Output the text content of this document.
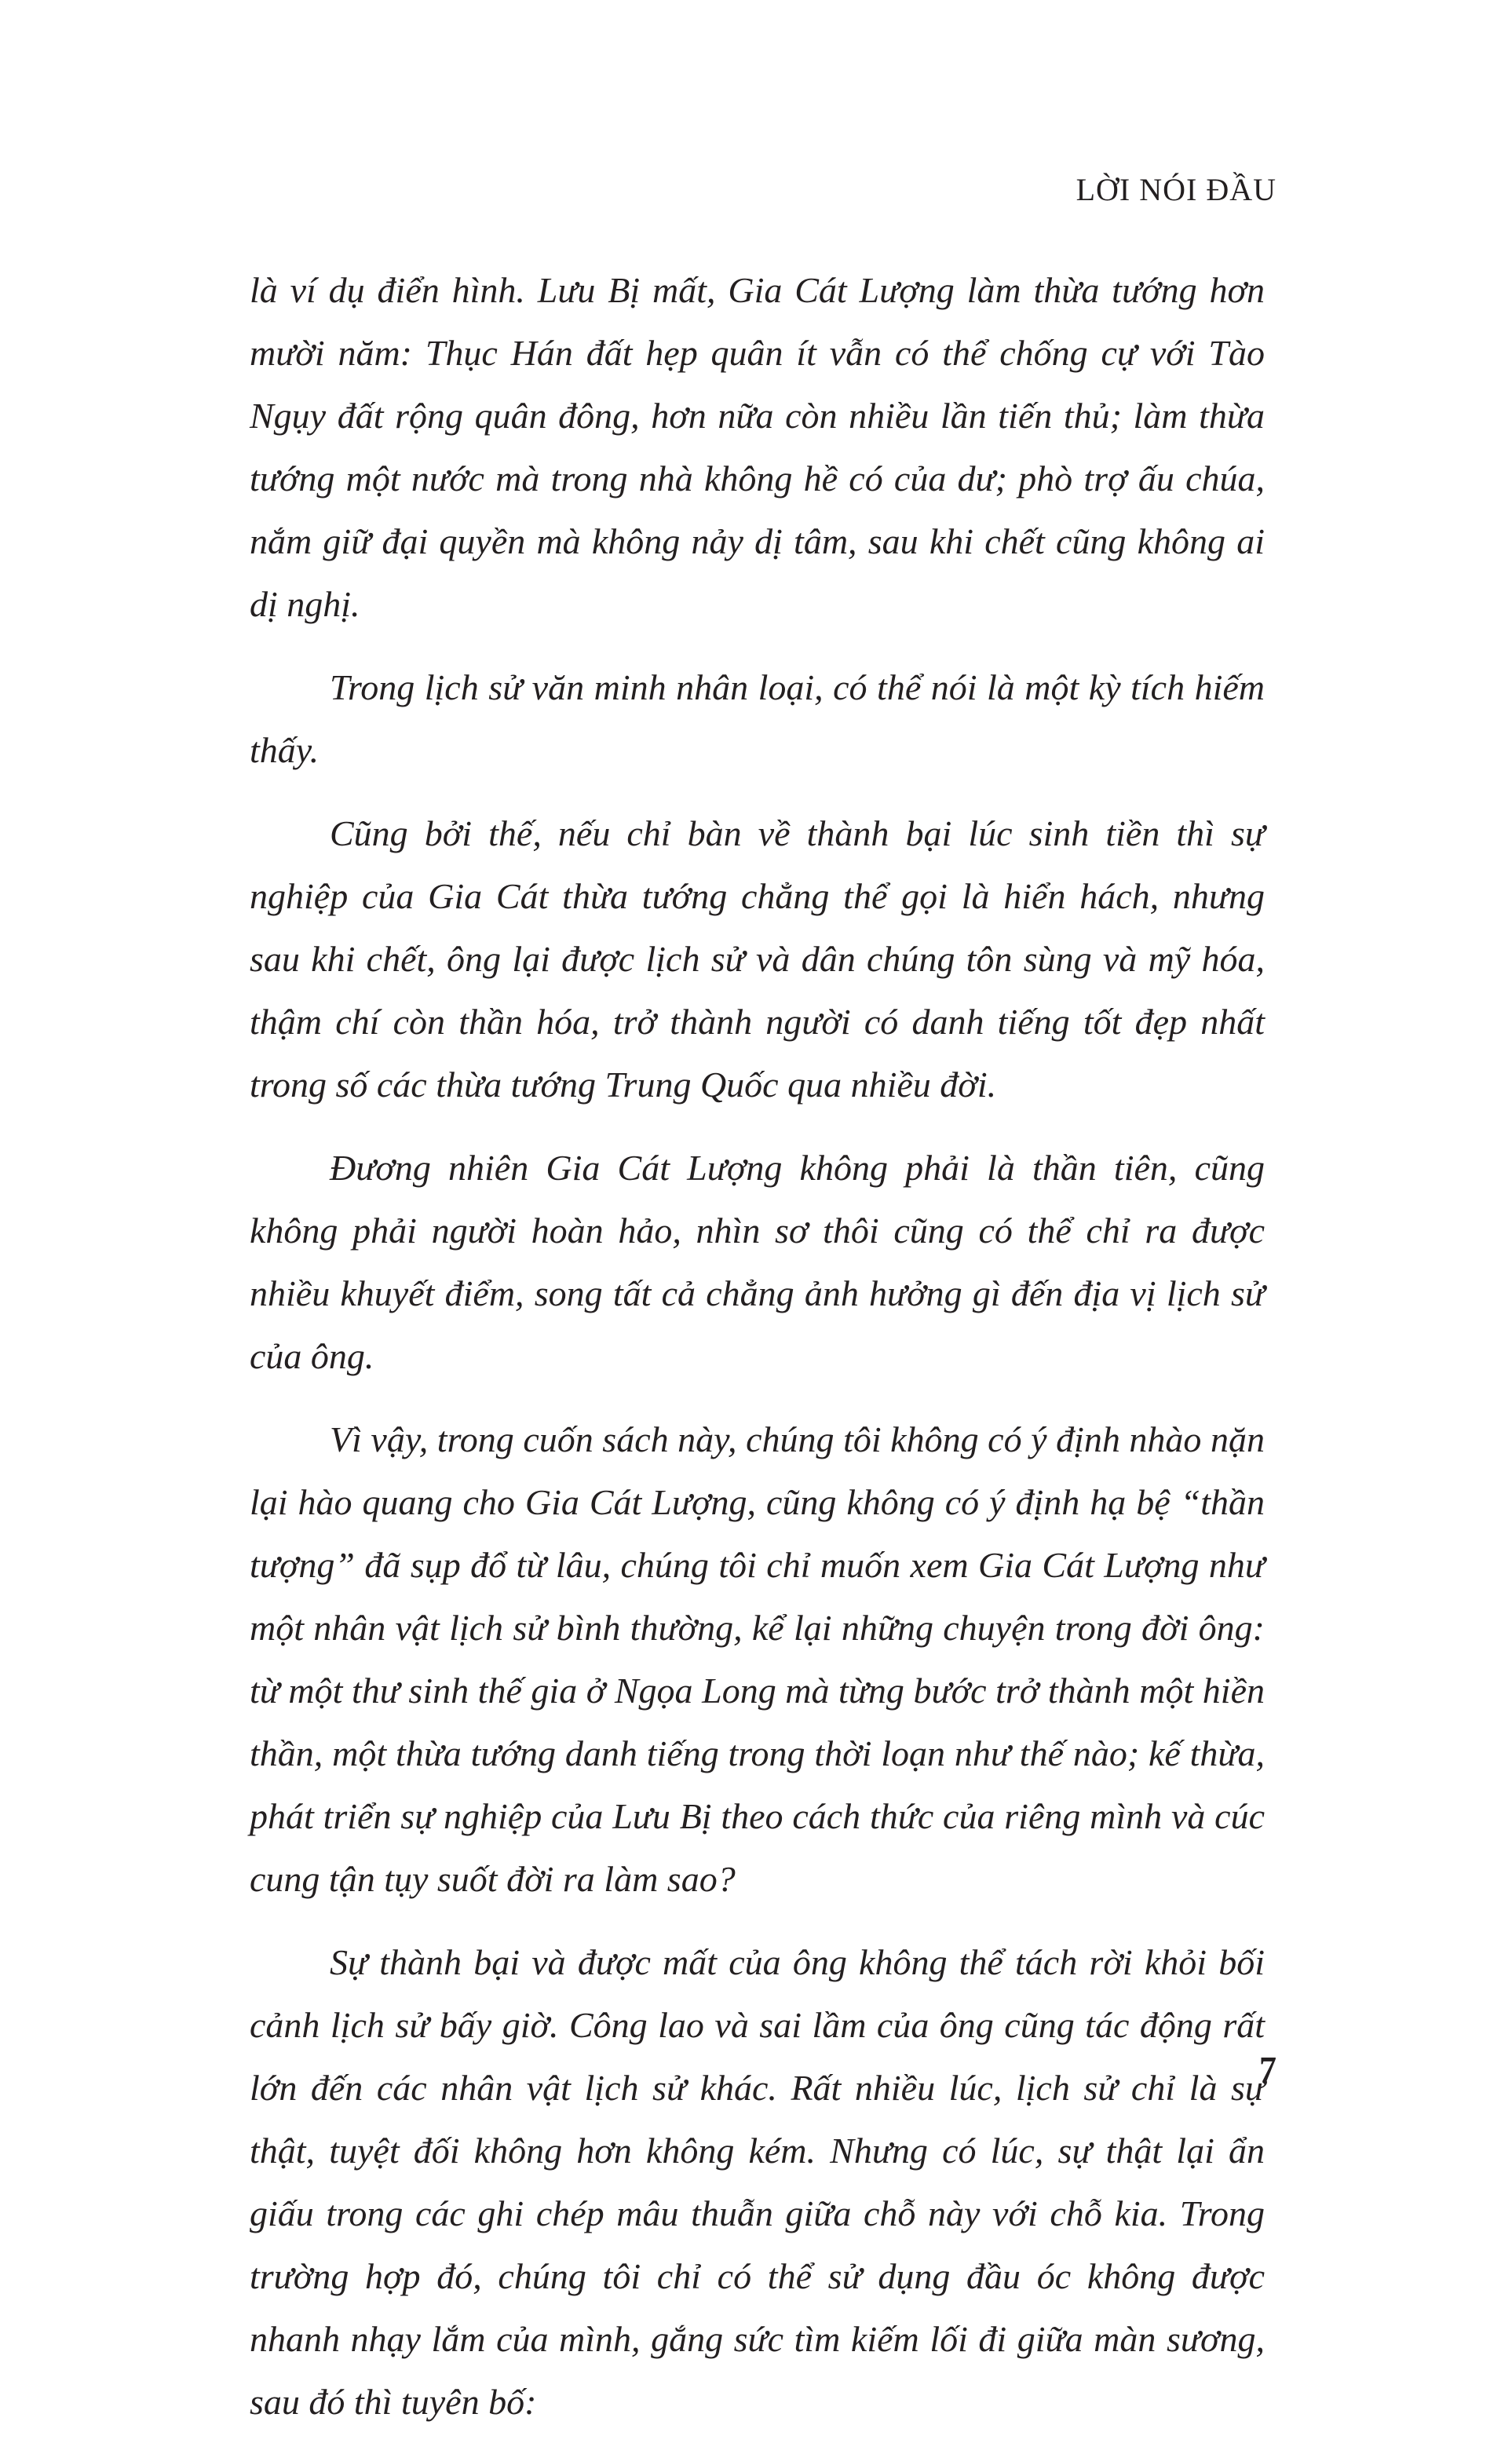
LỜI NÓI ĐẦU

là ví dụ điển hình. Lưu Bị mất, Gia Cát Lượng làm thừa tướng hơn mười năm: Thục Hán đất hẹp quân ít vẫn có thể chống cự với Tào Ngụy đất rộng quân đông, hơn nữa còn nhiều lần tiến thủ; làm thừa tướng một nước mà trong nhà không hề có của dư; phò trợ ấu chúa, nắm giữ đại quyền mà không nảy dị tâm, sau khi chết cũng không ai dị nghị.

Trong lịch sử văn minh nhân loại, có thể nói là một kỳ tích hiếm thấy.

Cũng bởi thế, nếu chỉ bàn về thành bại lúc sinh tiền thì sự nghiệp của Gia Cát thừa tướng chẳng thể gọi là hiển hách, nhưng sau khi chết, ông lại được lịch sử và dân chúng tôn sùng và mỹ hóa, thậm chí còn thần hóa, trở thành người có danh tiếng tốt đẹp nhất trong số các thừa tướng Trung Quốc qua nhiều đời.

Đương nhiên Gia Cát Lượng không phải là thần tiên, cũng không phải người hoàn hảo, nhìn sơ thôi cũng có thể chỉ ra được nhiều khuyết điểm, song tất cả chẳng ảnh hưởng gì đến địa vị lịch sử của ông.

Vì vậy, trong cuốn sách này, chúng tôi không có ý định nhào nặn lại hào quang cho Gia Cát Lượng, cũng không có ý định hạ bệ “thần tượng” đã sụp đổ từ lâu, chúng tôi chỉ muốn xem Gia Cát Lượng như một nhân vật lịch sử bình thường, kể lại những chuyện trong đời ông: từ một thư sinh thế gia ở Ngọa Long mà từng bước trở thành một hiền thần, một thừa tướng danh tiếng trong thời loạn như thế nào; kế thừa, phát triển sự nghiệp của Lưu Bị theo cách thức của riêng mình và cúc cung tận tụy suốt đời ra làm sao?

Sự thành bại và được mất của ông không thể tách rời khỏi bối cảnh lịch sử bấy giờ. Công lao và sai lầm của ông cũng tác động rất lớn đến các nhân vật lịch sử khác. Rất nhiều lúc, lịch sử chỉ là sự thật, tuyệt đối không hơn không kém. Nhưng có lúc, sự thật lại ẩn giấu trong các ghi chép mâu thuẫn giữa chỗ này với chỗ kia. Trong trường hợp đó, chúng tôi chỉ có thể sử dụng đầu óc không được nhanh nhạy lắm của mình, gắng sức tìm kiếm lối đi giữa màn sương, sau đó thì tuyên bố:

7
